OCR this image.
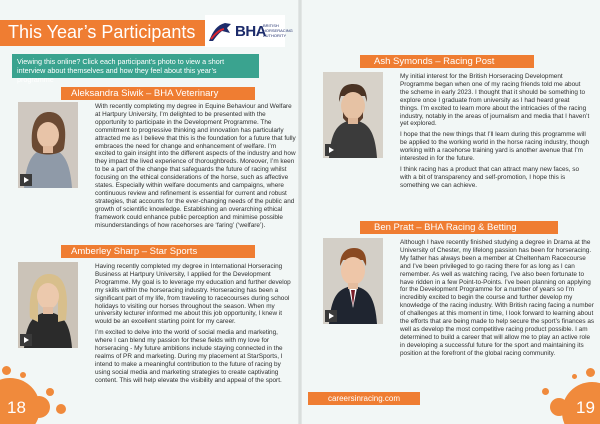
This Year’s Participants	BHA
BRITISH HORSERACING AUTHORITY
Viewing this online? Click each participant’s photo to view a short interview about themselves and how they feel about this year’s programme
Aleksandra Siwik – BHA Veterinary

With recently completing my degree in Equine Behaviour and Welfare at Hartpury University, I’m delighted to be presented with the opportunity to participate in the Development Programme. The commitment to progressive thinking and innovation has particularly attracted me as I believe that this is the foundation for a future that fully embraces the need for change and enhancement of welfare. I’m excited to gain insight into the different aspects of the industry and how they impact the lived experience of thoroughbreds. Moreover, I’m keen to be a part of the change that safeguards the future of racing whilst focusing on the ethical considerations of the horse, such as affective states. Especially within welfare documents and campaigns, where continuous review and refinement is essential for current and robust strategies, that accounts for the ever-changing needs of the public and growth of scientific knowledge. Establishing an overarching ethical framework could enhance public perception and minimise possible misunderstandings of how racehorses are ‘faring’ (‘welfare’).

Amberley Sharp – Star Sports

Having recently completed my degree in International Horseracing Business at Hartpury University, I applied for the Development Programme. My goal is to leverage my education and further develop my skills within the horseracing industry. Horseracing has been a significant part of my life, from traveling to racecourses during school holidays to visiting our horses throughout the season. When my university lecturer informed me about this job opportunity, I knew it would be an excellent starting point for my career.

I’m excited to delve into the world of social media and marketing, where I can blend my passion for these fields with my love for horseracing - My future ambitions include staying connected in the realms of PR and marketing. During my placement at StarSports, I intend to make a meaningful contribution to the future of racing by using social media and marketing strategies to create captivating content. This will help elevate the visibility and appeal of the sport.

18
Ash Symonds – Racing Post

My initial interest for the British Horseracing Development Programme began when one of my racing friends told me about the scheme in early 2023. I thought that it should be something to explore once I graduate from university as I had heard great things. I’m excited to learn more about the intricacies of the racing industry, notably in the areas of journalism and media that I haven’t yet explored.

I hope that the new things that I’ll learn during this programme will be applied to the working world in the horse racing industry, though working with a racehorse training yard is another avenue that I’m interested in for the future.

I think racing has a product that can attract many new faces, so with a bit of transparency and self-promotion, I hope this is something we can achieve.

Ben Pratt – BHA Racing & Betting

Although I have recently finished studying a degree in Drama at the University of Chester, my lifelong passion has been for horseracing. My father has always been a member at Cheltenham Racecourse and I’ve been privileged to go racing there for as long as I can remember. As well as watching racing, I’ve also been fortunate to have ridden in a few Point-to-Points. I’ve been planning on applying for the Development Programme for a number of years so I’m incredibly excited to begin the course and further develop my knowledge of the racing industry. With British racing facing a number of challenges at this moment in time, I look forward to learning about the efforts that are being made to help secure the sport’s finances as well as develop the most competitive racing product possible. I am determined to build a career that will allow me to play an active role in developing a successful future for the sport and maintaining its position at the forefront of the global racing community.

careersinracing.com	19
